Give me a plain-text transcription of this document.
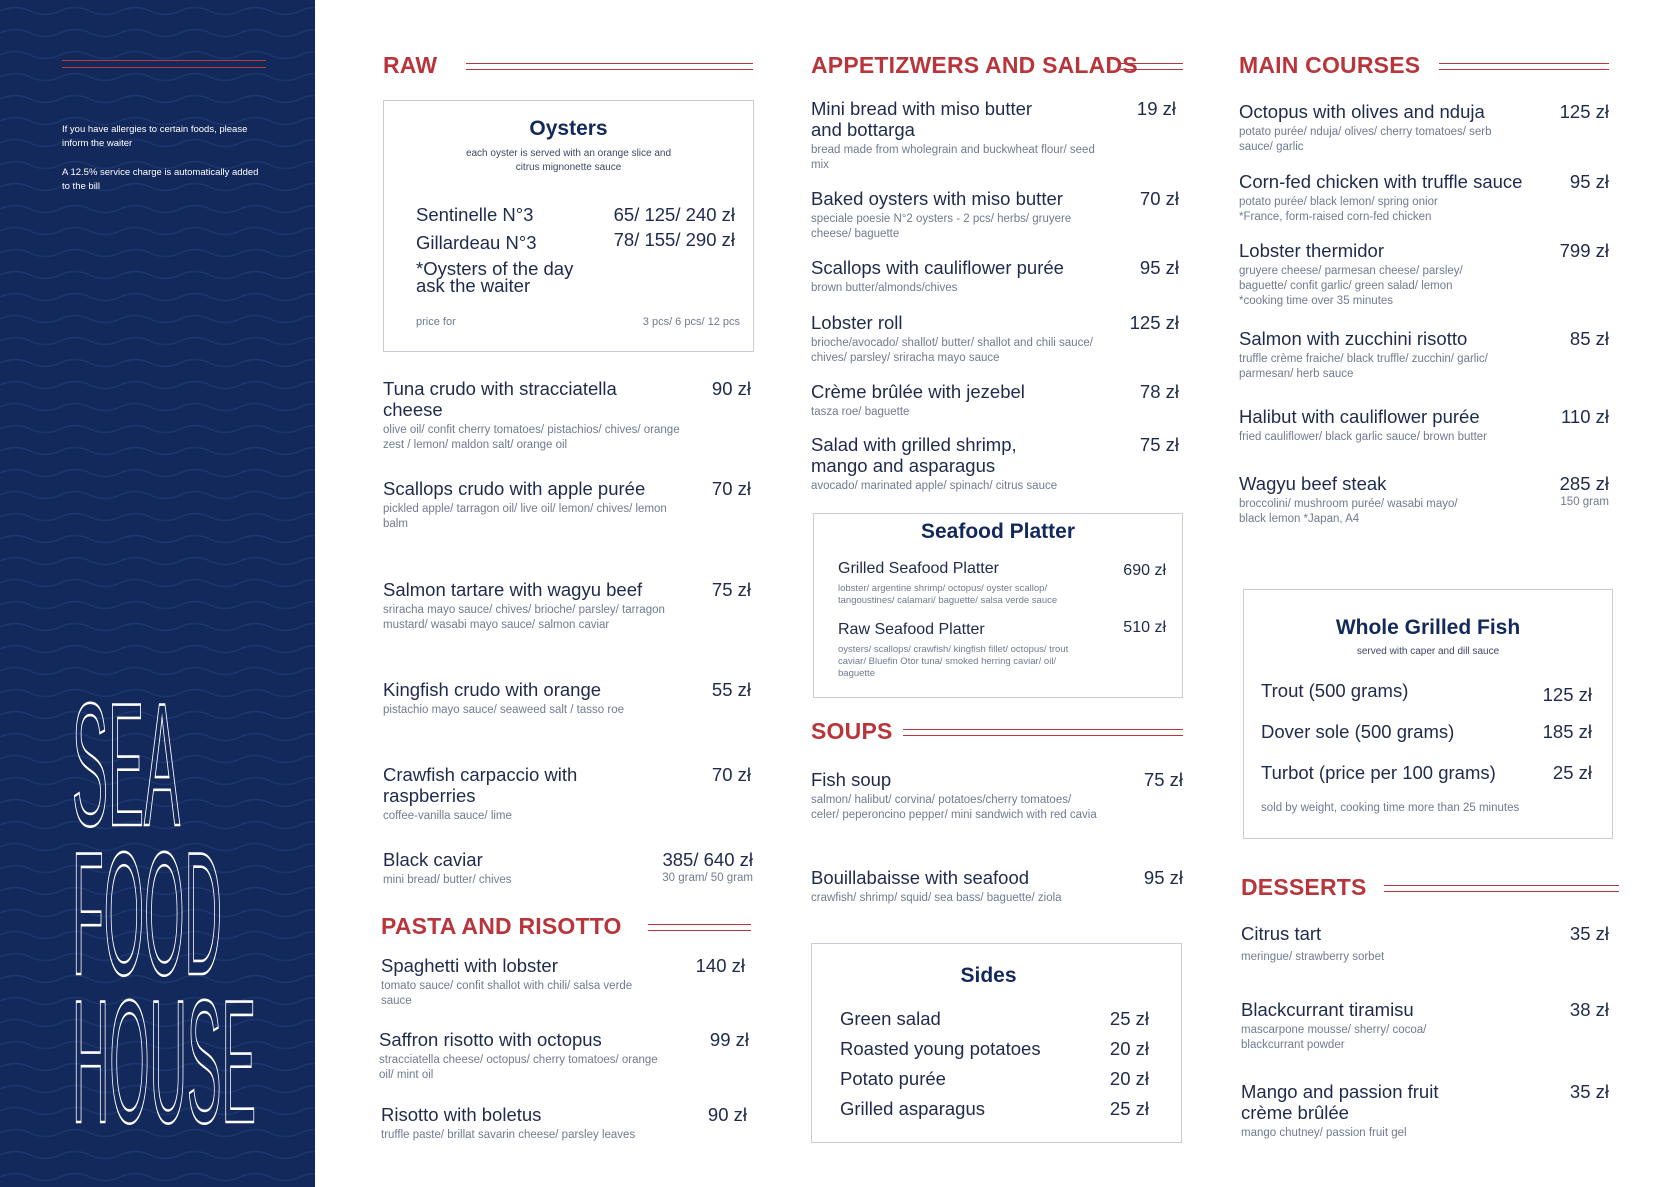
If you have allergies to certain foods, please inform the waiter

A 12.5% service charge is automatically added to the bill

SEA
FOOD
HOUSE
RAW
Oysters
each oyster is served with an orange slice and citrus mignonette sauce
Sentinelle N°3	65/ 125/ 240 zł
Gillardeau N°3	78/ 155/ 290 zł
*Oysters of the day ask the waiter
price for	3 pcs/ 6 pcs/ 12 pcs
Tuna crudo with stracciatella cheese
olive oil/ confit cherry tomatoes/ pistachios/ chives/ orange zest / lemon/ maldon salt/ orange oil
90 zł
Scallops crudo with apple purée
pickled apple/ tarragon oil/ live oil/ lemon/ chives/ lemon balm
70 zł
Salmon tartare with wagyu beef
sriracha mayo sauce/ chives/ brioche/ parsley/ tarragon mustard/ wasabi mayo sauce/ salmon caviar
75 zł
Kingfish crudo with orange
pistachio mayo sauce/ seaweed salt / tasso roe
55 zł
Crawfish carpaccio with raspberries
coffee-vanilla sauce/ lime
70 zł
Black caviar
mini bread/ butter/ chives
385/ 640 zł
30 gram/ 50 gram
PASTA AND RISOTTO
Spaghetti with lobster
tomato sauce/ confit shallot with chili/ salsa verde sauce
140 zł
Saffron risotto with octopus
stracciatella cheese/ octopus/ cherry tomatoes/ orange oil/ mint oil
99 zł
Risotto with boletus
truffle paste/ brillat savarin cheese/ parsley leaves
90 zł
APPETIZWERS AND SALADS
Mini bread with miso butter and bottarga
bread made from wholegrain and buckwheat flour/ seed mix
19 zł
Baked oysters with miso butter
speciale poesie N°2 oysters - 2 pcs/ herbs/ gruyere cheese/ baguette
70 zł
Scallops with cauliflower purée
brown butter/almonds/chives
95 zł
Lobster roll
brioche/avocado/ shallot/ butter/ shallot and chili sauce/ chives/ parsley/ sriracha mayo sauce
125 zł
Crème brûlée with jezebel
tasza roe/ baguette
78 zł
Salad with grilled shrimp, mango and asparagus
avocado/ marinated apple/ spinach/ citrus sauce
75 zł
Seafood Platter
Grilled Seafood Platter	690 zł
lobster/ argentine shrimp/ octopus/ oyster scallop/ tangoustines/ calamari/ baguette/ salsa verde sauce
Raw Seafood Platter	510 zł
oysters/ scallops/ crawfish/ kingfish fillet/ octopus/ trout caviar/ Bluefin Otor tuna/ smoked herring caviar/ oil/ baguette
SOUPS
Fish soup
salmon/ halibut/ corvina/ potatoes/cherry tomatoes/ celer/ peperoncino pepper/ mini sandwich with red cavia
75 zł
Bouillabaisse with seafood
crawfish/ shrimp/ squid/ sea bass/ baguette/ ziola
95 zł
Sides
Green salad	25 zł
Roasted young potatoes	20 zł
Potato purée	20 zł
Grilled asparagus	25 zł
MAIN COURSES
Octopus with olives and nduja
potato purée/ nduja/ olives/ cherry tomatoes/ serb sauce/ garlic
125 zł
Corn-fed chicken with truffle sauce
potato purée/ black lemon/ spring onior *France, form-raised corn-fed chicken
95 zł
Lobster thermidor
gruyere cheese/ parmesan cheese/ parsley/ baguette/ confit garlic/ green salad/ lemon *cooking time over 35 minutes
799 zł
Salmon with zucchini risotto
truffle crème fraiche/ black truffle/ zucchin/ garlic/ parmesan/ herb sauce
85 zł
Halibut with cauliflower purée
fried cauliflower/ black garlic sauce/ brown butter
110 zł
Wagyu beef steak
broccolini/ mushroom purée/ wasabi mayo/ black lemon *Japan, A4
285 zł
150 gram
Whole Grilled Fish
served with caper and dill sauce
Trout (500 grams)	125 zł
Dover sole (500 grams)	185 zł
Turbot (price per 100 grams)	25 zł
sold by weight, cooking time more than 25 minutes
DESSERTS
Citrus tart
meringue/ strawberry sorbet
35 zł
Blackcurrant tiramisu
mascarpone mousse/ sherry/ cocoa/ blackcurrant powder
38 zł
Mango and passion fruit crème brûlée
mango chutney/ passion fruit gel
35 zł
